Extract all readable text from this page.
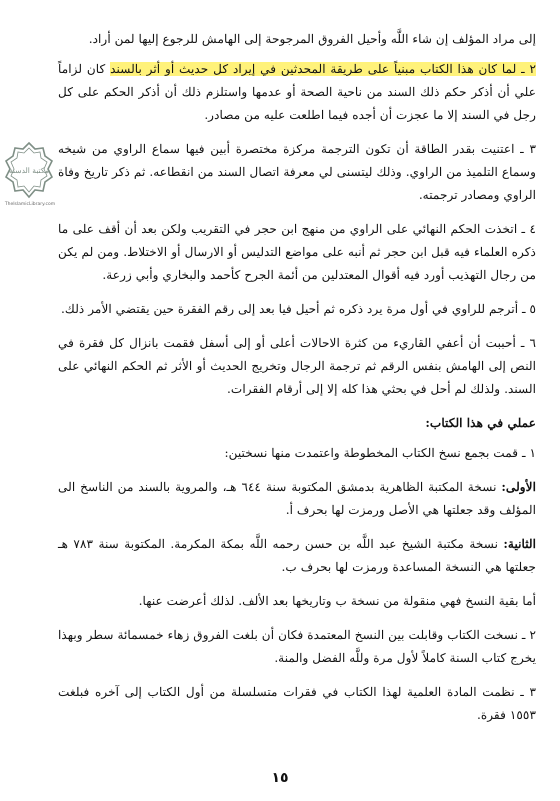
إلى مراد المؤلف إن شاء اللَّه وأحيل الفروق المرجوحة إلى الهامش للرجوع إليها لمن أراد.

٢ ـ لما كان هذا الكتاب مبنياً على طريقة المحدثين في إيراد كل حديث أو أثر بالسند كان لزاماً علي أن أذكر حكم ذلك السند من ناحية الصحة أو عدمها واستلزم ذلك أن أذكر الحكم على كل رجل في السند إلا ما عجزت أن أجده فيما اطلعت عليه من مصادر.

٣ ـ اعتنيت بقدر الطاقة أن تكون الترجمة مركزة مختصرة أبين فيها سماع الراوي من شيخه وسماع التلميذ من الراوي. وذلك ليتسنى لي معرفة اتصال السند من انقطاعه. ثم ذكر تاريخ وفاة الراوي ومصادر ترجمته.

٤ ـ اتخذت الحكم النهائي على الراوي من منهج ابن حجر في التقريب ولكن بعد أن أقف على ما ذكره العلماء فيه قبل ابن حجر ثم أنبه على مواضع التدليس أو الارسال أو الاختلاط. ومن لم يكن من رجال التهذيب أورد فيه أقوال المعتدلين من أئمة الجرح كأحمد والبخاري وأبي زرعة.

٥ ـ أترجم للراوي في أول مرة يرد ذكره ثم أحيل فيا بعد إلى رقم الفقرة حين يقتضي الأمر ذلك.

٦ ـ أحببت أن أعفي القاريء من كثرة الاحالات أعلى أو إلى أسفل فقمت بانزال كل فقرة في النص إلى الهامش بنفس الرقم ثم ترجمة الرجال وتخريج الحديث أو الأثر ثم الحكم النهائي على السند. ولذلك لم أحل في بحثي هذا كله إلا إلى أرقام الفقرات.

عملي في هذا الكتاب:

١ ـ قمت بجمع نسخ الكتاب المخطوطة واعتمدت منها نسختين:

الأولى: نسخة المكتبة الظاهرية بدمشق المكتوبة سنة ٦٤٤ هـ، والمروية بالسند من الناسخ الى المؤلف وقد جعلتها هي الأصل ورمزت لها بحرف أ.

الثانية: نسخة مكتبة الشيخ عبد اللَّه بن حسن رحمه اللَّه بمكة المكرمة. المكتوبة سنة ٧٨٣ هـ جعلتها هي النسخة المساعدة ورمزت لها بحرف ب.

أما بقية النسخ فهي منقولة من نسخة ب وتاريخها بعد الألف. لذلك أعرضت عنها.

٢ ـ نسخت الكتاب وقابلت بين النسخ المعتمدة فكان أن بلغت الفروق زهاء خمسمائة سطر وبهذا يخرج كتاب السنة كاملاً لأول مرة وللَّه الفضل والمنة.

٣ ـ نظمت المادة العلمية لهذا الكتاب في فقرات متسلسلة من أول الكتاب إلى آخره فبلغت ١٥٥٣ فقرة.

مكتبة الدسنة
TheIslamicLibrary.com
١٥
